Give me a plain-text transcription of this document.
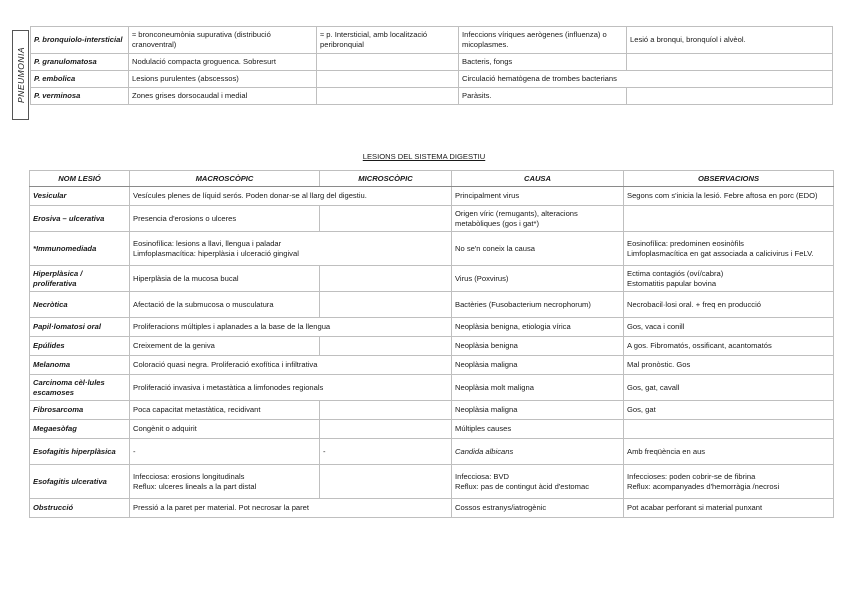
PNEUMONIA
P. bronquiolo-intersticial	≈ bronconeumònia supurativa (distribució cranoventral)	≈ p. Intersticial, amb localització peribronquial	Infeccions víriques aerògenes (influenza) o micoplasmes.	Lesió a bronqui, bronquíol i alvèol.
P. granulomatosa	Nodulació compacta groguenca. Sobresurt		Bacteris, fongs	
P. embolica	Lesions purulentes (abscessos)		Circulació hematògena de trombes bacterians	
P. verminosa	Zones grises dorsocaudal i medial		Paràsits.	
LESIONS DEL SISTEMA DIGESTIU
NOM LESIÓ	MACROSCÒPIC	MICROSCÒPIC	CAUSA	OBSERVACIONS
Vesicular	Vesícules plenes de líquid serós. Poden donar-se al llarg del digestiu.		Principalment virus	Segons com s'inicia la lesió. Febre aftosa en porc (EDO)

Erosiva – ulcerativa	Presencia d'erosions o ulceres		Origen víric (remugants), alteracions metabòliques (gos i gat*)	

*Immunomediada	Eosinofílica: lesions a llavi, llengua i paladar
Limfoplasmacítica: hiperplàsia i ulceració gingival		No se'n coneix la causa	Eosinofílica: predominen eosinòfils
Limfoplasmacítica en gat associada a calicivirus i FeLV.

Hiperplàsica / proliferativa	Hiperplàsia de la mucosa bucal		Virus (Poxvirus)	Ectima contagiós (oví/cabra)
Estomatitis papular bovina

Necròtica	Afectació de la submucosa o musculatura		Bactèries (Fusobacterium necrophorum)	Necrobacil·losi oral. + freq en producció

Papil·lomatosi oral	Proliferacions múltiples i aplanades a la base de la llengua		Neoplàsia benigna, etiologia vírica	Gos, vaca i conill

Epúlides	Creixement de la geniva		Neoplàsia benigna	A gos. Fibromatós, ossificant, acantomatós

Melanoma	Coloració quasi negra. Proliferació exofítica i infiltrativa		Neoplàsia maligna	Mal pronòstic. Gos

Carcinoma cèl·lules escamoses	Proliferació invasiva i metastàtica a limfonodes regionals		Neoplàsia molt maligna	Gos, gat, cavall

Fibrosarcoma	Poca capacitat metastàtica, recidivant		Neoplàsia maligna	Gos, gat

Megaesòfag	Congènit o adquirit		Múltiples causes	

Esofagitis hiperplàsica	-	-	Candida albicans	Amb freqüència en aus

Esofagitis ulcerativa	Infecciosa: erosions longitudinals
Reflux: ulceres lineals a la part distal		Infecciosa: BVD
Reflux: pas de contingut àcid d'estomac	Infeccioses: poden cobrir-se de fibrina
Reflux: acompanyades d'hemorràgia /necrosi

Obstrucció	Pressió a la paret per material. Pot necrosar la paret		Cossos estranys/iatrogènic	Pot acabar perforant si material punxant
